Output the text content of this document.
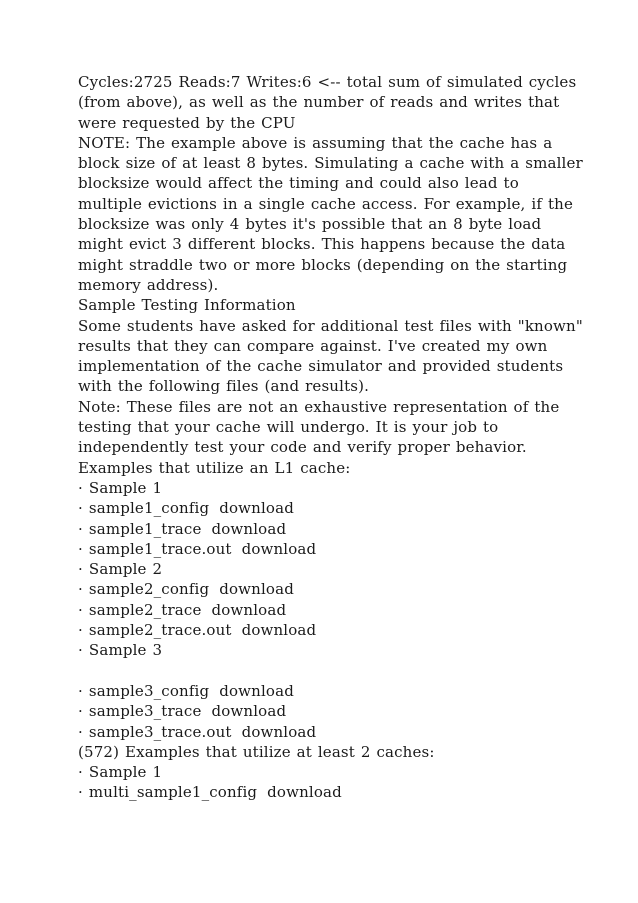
Cycles:2725 Reads:7 Writes:6 <-- total sum of simulated cycles
(from above), as well as the number of reads and writes that
were requested by the CPU
NOTE: The example above is assuming that the cache has a
block size of at least 8 bytes. Simulating a cache with a smaller
blocksize would affect the timing and could also lead to
multiple evictions in a single cache access. For example, if the
blocksize was only 4 bytes it's possible that an 8 byte load
might evict 3 different blocks. This happens because the data
might straddle two or more blocks (depending on the starting
memory address).
Sample Testing Information
Some students have asked for additional test files with "known"
results that they can compare against. I've created my own
implementation of the cache simulator and provided students
with the following files (and results).
Note: These files are not an exhaustive representation of the
testing that your cache will undergo. It is your job to
independently test your code and verify proper behavior.
Examples that utilize an L1 cache:
· Sample 1
· sample1_config download
· sample1_trace download
· sample1_trace.out download
· Sample 2
· sample2_config download
· sample2_trace download
· sample2_trace.out download
· Sample 3
· sample3_config download
· sample3_trace download
· sample3_trace.out download
(572) Examples that utilize at least 2 caches:
· Sample 1
· multi_sample1_config download
